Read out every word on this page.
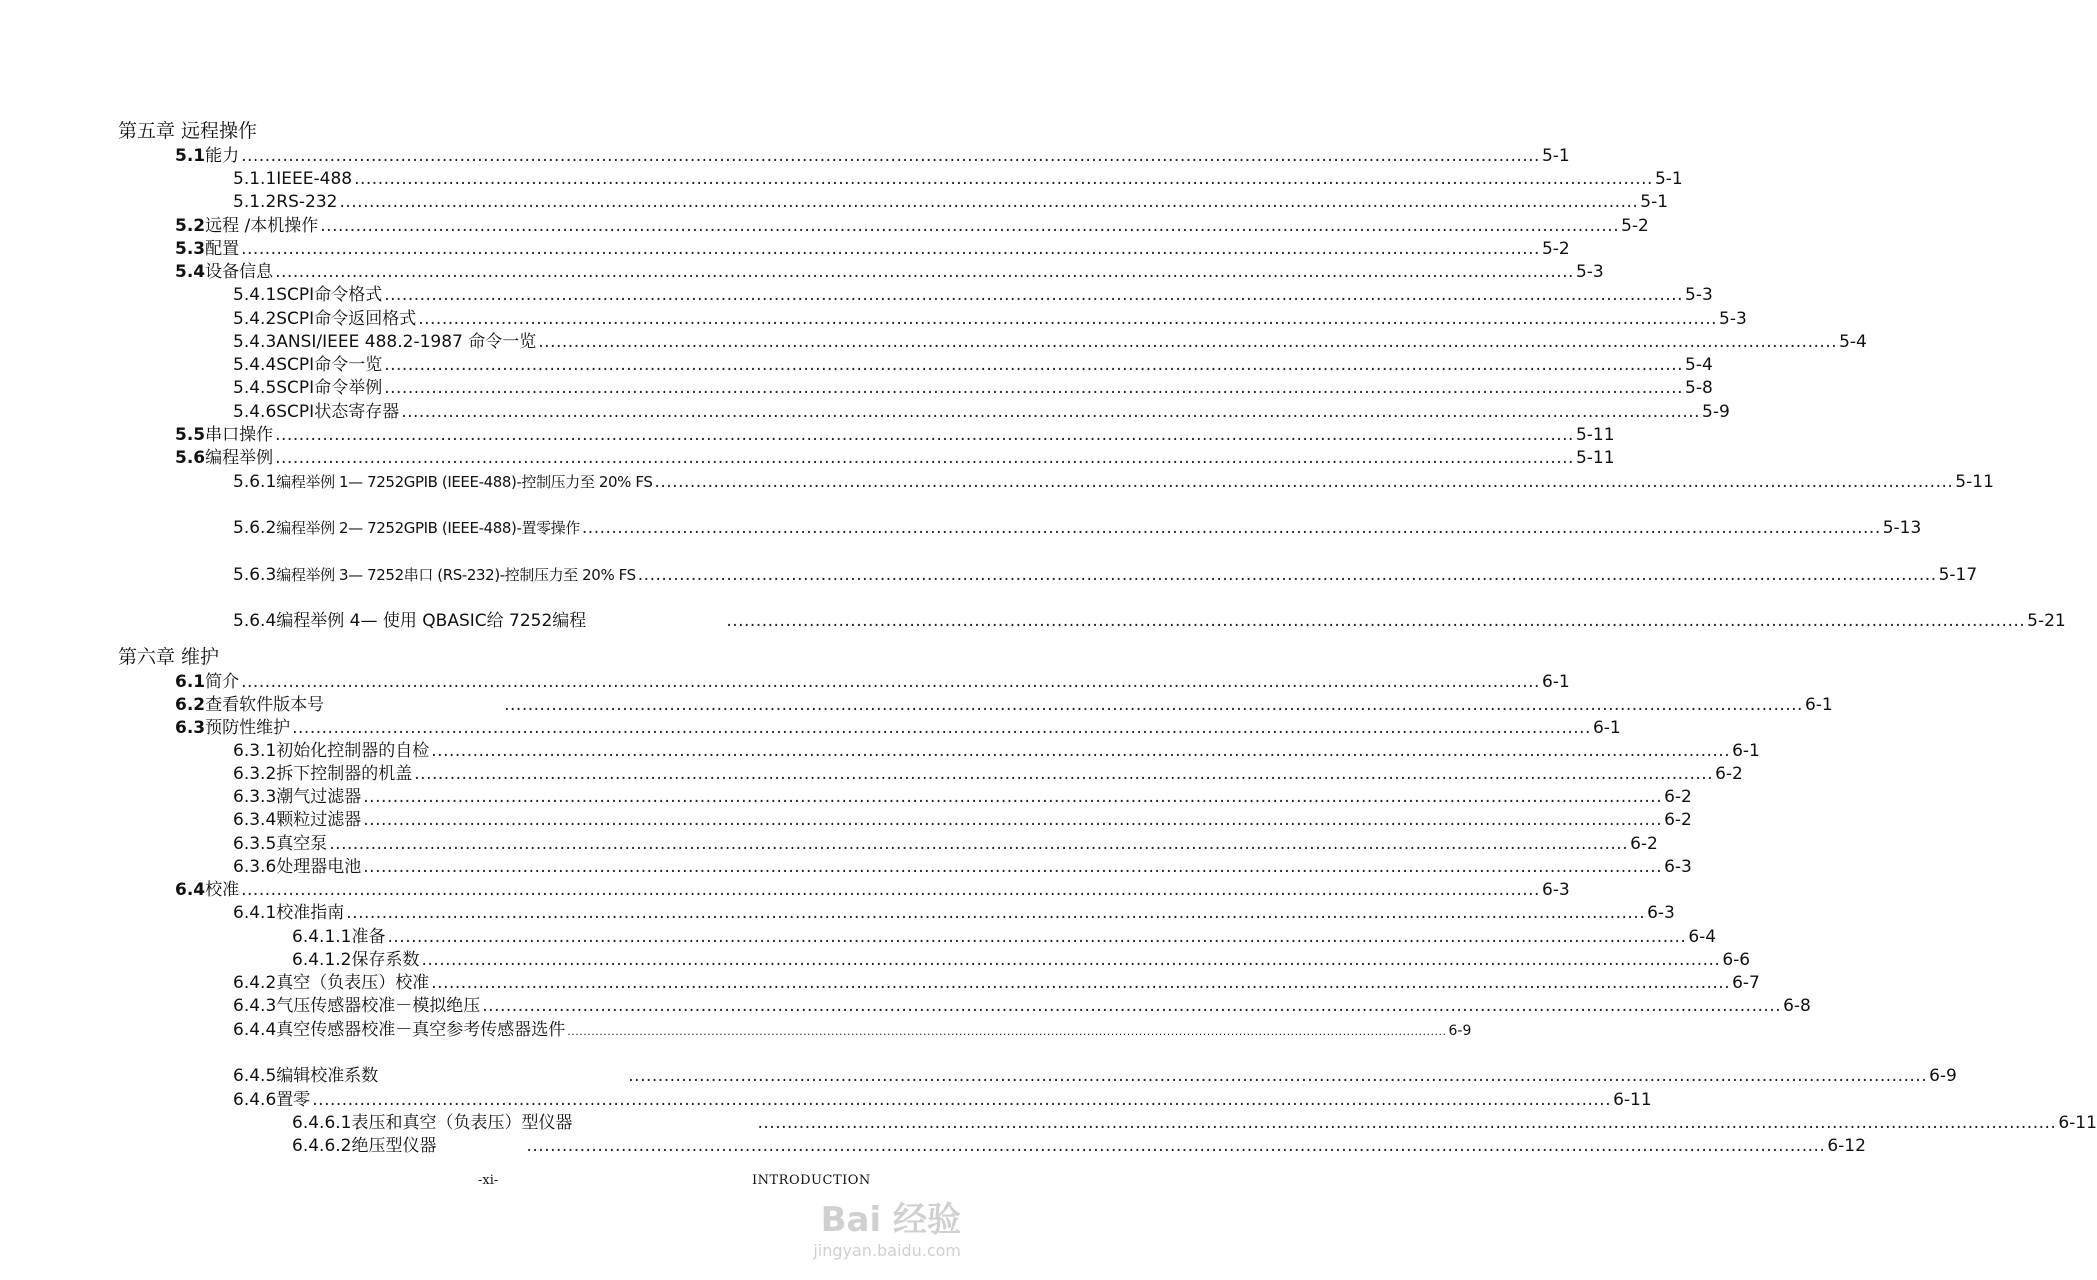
第五章 远程操作
5.1 能力 ............................................................................................................................................................................................................................ 5-1
5.1.1 IEEE-488 ............................................................................................................................................................................................................................ 5-1
5.1.2 RS-232 ............................................................................................................................................................................................................................ 5-1
5.2 远程 /本机操作 ............................................................................................................................................................................................................................ 5-2
5.3 配置 ............................................................................................................................................................................................................................ 5-2
5.4 设备信息 ............................................................................................................................................................................................................................ 5-3
5.4.1 SCPI命令格式 ............................................................................................................................................................................................................................ 5-3
5.4.2 SCPI命令返回格式 ............................................................................................................................................................................................................................ 5-3
5.4.3 ANSI/IEEE 488.2-1987 命令一览 ............................................................................................................................................................................................................................ 5-4
5.4.4 SCPI命令一览 ............................................................................................................................................................................................................................ 5-4
5.4.5 SCPI命令举例 ............................................................................................................................................................................................................................ 5-8
5.4.6 SCPI状态寄存器 ............................................................................................................................................................................................................................ 5-9
5.5 串口操作 ............................................................................................................................................................................................................................ 5-11
5.6 编程举例 ............................................................................................................................................................................................................................ 5-11
5.6.1 编程举例 1— 7252GPIB (IEEE-488)-控制压力至 20% FS ............................................................................................................................................................................................................................ 5-11
5.6.2 编程举例 2— 7252GPIB (IEEE-488)-置零操作 ............................................................................................................................................................................................................................ 5-13
5.6.3 编程举例 3— 7252串口 (RS-232)-控制压力至 20% FS ............................................................................................................................................................................................................................ 5-17
5.6.4 编程举例 4— 使用 QBASIC给 7252编程	............................................................................................................................................................................................................................ 5-21
第六章 维护
6.1 简介 ............................................................................................................................................................................................................................ 6-1
6.2 查看软件版本号	............................................................................................................................................................................................................................ 6-1
6.3 预防性维护 ............................................................................................................................................................................................................................ 6-1
6.3.1 初始化控制器的自检 ............................................................................................................................................................................................................................ 6-1
6.3.2 拆下控制器的机盖 ............................................................................................................................................................................................................................ 6-2
6.3.3 潮气过滤器 ............................................................................................................................................................................................................................ 6-2
6.3.4 颗粒过滤器 ............................................................................................................................................................................................................................ 6-2
6.3.5 真空泵 ............................................................................................................................................................................................................................ 6-2
6.3.6 处理器电池 ............................................................................................................................................................................................................................ 6-3
6.4 校准 ............................................................................................................................................................................................................................ 6-3
6.4.1 校准指南 ............................................................................................................................................................................................................................ 6-3
6.4.1.1 准备 ............................................................................................................................................................................................................................ 6-4
6.4.1.2 保存系数 ............................................................................................................................................................................................................................ 6-6
6.4.2 真空（负表压）校准 ............................................................................................................................................................................................................................ 6-7
6.4.3 气压传感器校准－模拟绝压 ............................................................................................................................................................................................................................ 6-8
6.4.4 真空传感器校准－真空参考传感器选件 ............................................................................................................................................................................................................................ 6-9
6.4.5 编辑校准系数	............................................................................................................................................................................................................................ 6-9
6.4.6 置零 ............................................................................................................................................................................................................................ 6-11
6.4.6.1 表压和真空（负表压）型仪器	............................................................................................................................................................................................................................ 6-11
6.4.6.2 绝压型仪器	............................................................................................................................................................................................................................ 6-12
-xi-	INTRODUCTION
Bai 经验
jingyan.baidu.com
